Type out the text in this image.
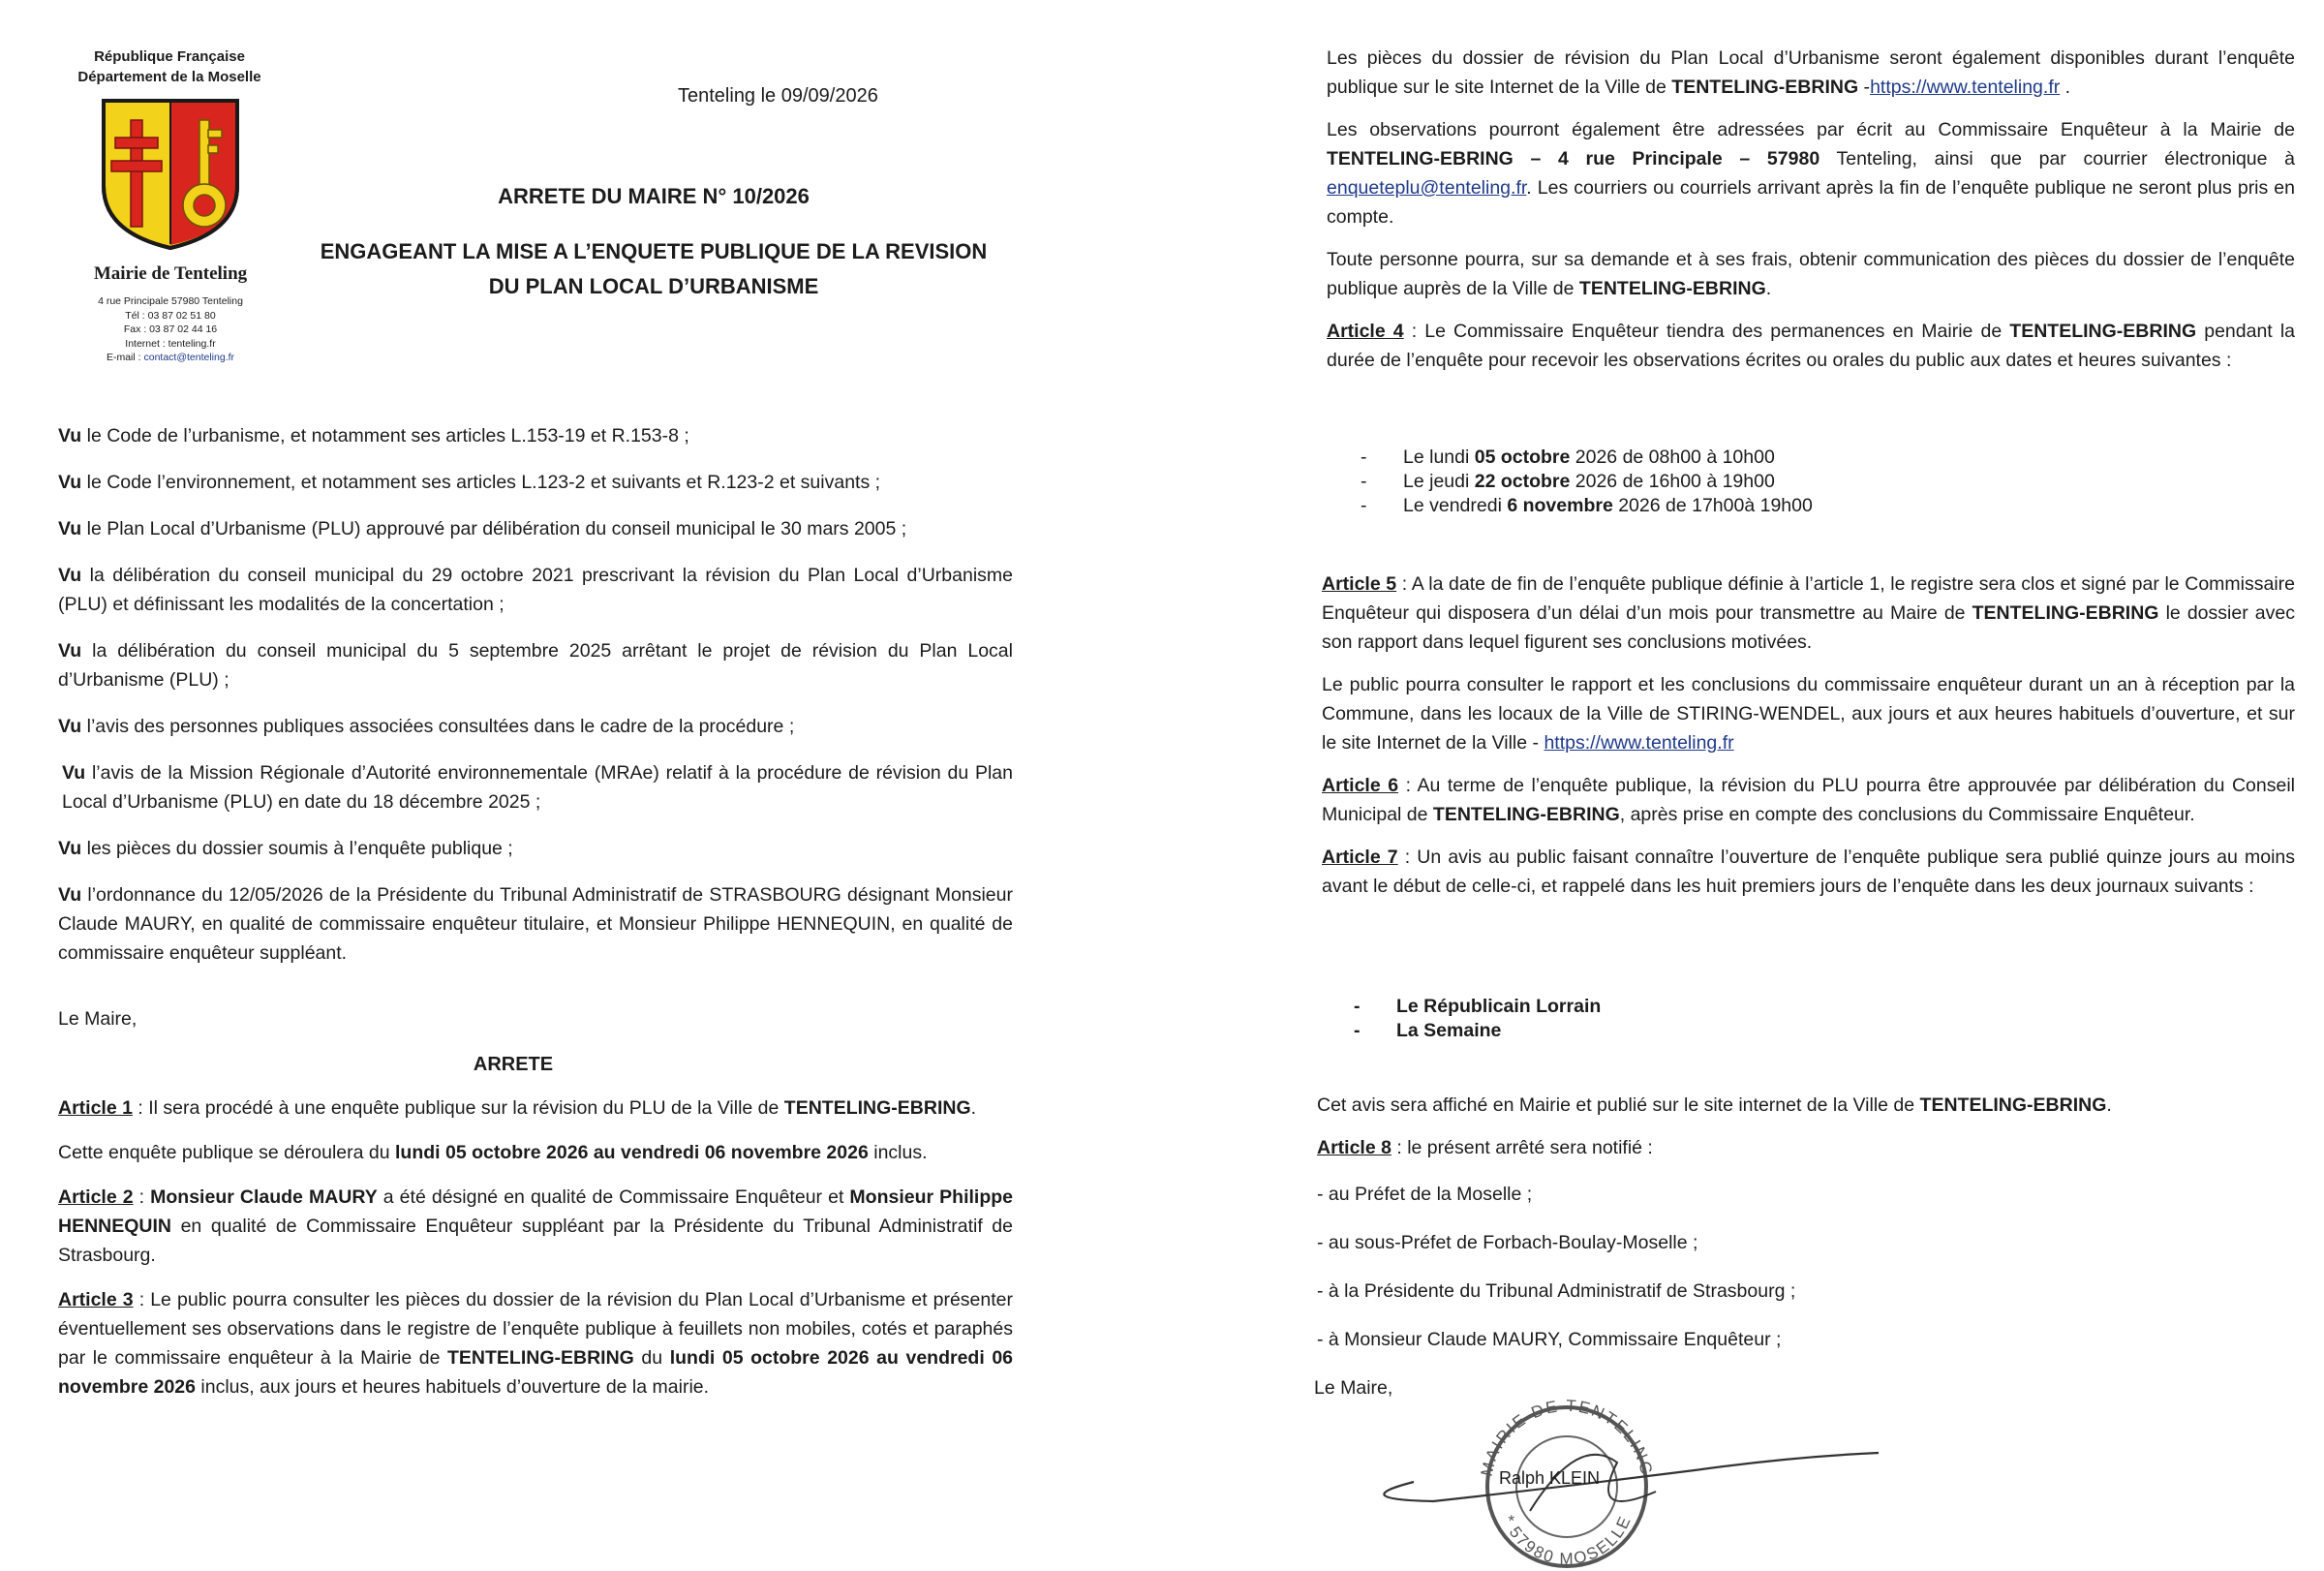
République Française
Département de la Moselle
Mairie de Tenteling
4 rue Principale 57980 Tenteling
Tél : 03 87 02 51 80
Fax : 03 87 02 44 16
Internet : tenteling.fr
E-mail : contact@tenteling.fr
Tenteling le 09/09/2026
ARRETE DU MAIRE N° 10/2026
ENGAGEANT LA MISE A L’ENQUETE PUBLIQUE DE LA REVISION
DU PLAN LOCAL D’URBANISME

Vu le Code de l’urbanisme, et notamment ses articles L.153-19 et R.153-8 ;

Vu le Code l’environnement, et notamment ses articles L.123-2 et suivants et R.123-2 et suivants ;

Vu le Plan Local d’Urbanisme (PLU) approuvé par délibération du conseil municipal le 30 mars 2005 ;

Vu la délibération du conseil municipal du 29 octobre 2021 prescrivant la révision du Plan Local d’Urbanisme (PLU) et définissant les modalités de la concertation ;

Vu la délibération du conseil municipal du 5 septembre 2025 arrêtant le projet de révision du Plan Local d’Urbanisme (PLU) ;

Vu l’avis des personnes publiques associées consultées dans le cadre de la procédure ;

Vu l’avis de la Mission Régionale d’Autorité environnementale (MRAe) relatif à la procédure de révision du Plan Local d’Urbanisme (PLU) en date du 18 décembre 2025 ;

Vu les pièces du dossier soumis à l’enquête publique ;

Vu l’ordonnance du 12/05/2026 de la Présidente du Tribunal Administratif de STRASBOURG désignant Monsieur Claude MAURY, en qualité de commissaire enquêteur titulaire, et Monsieur Philippe HENNEQUIN, en qualité de commissaire enquêteur suppléant.

Le Maire,
ARRETE

Article 1 : Il sera procédé à une enquête publique sur la révision du PLU de la Ville de TENTELING-EBRING.

Cette enquête publique se déroulera du lundi 05 octobre 2026 au vendredi 06 novembre 2026 inclus.

Article 2 : Monsieur Claude MAURY a été désigné en qualité de Commissaire Enquêteur et Monsieur Philippe HENNEQUIN en qualité de Commissaire Enquêteur suppléant par la Présidente du Tribunal Administratif de Strasbourg.

Article 3 : Le public pourra consulter les pièces du dossier de la révision du Plan Local d’Urbanisme et présenter éventuellement ses observations dans le registre de l’enquête publique à feuillets non mobiles, cotés et paraphés par le commissaire enquêteur à la Mairie de TENTELING-EBRING du lundi 05 octobre 2026 au vendredi 06 novembre 2026 inclus, aux jours et heures habituels d’ouverture de la mairie.

Les pièces du dossier de révision du Plan Local d’Urbanisme seront également disponibles durant l’enquête publique sur le site Internet de la Ville de TENTELING-EBRING -https://www.tenteling.fr .

Les observations pourront également être adressées par écrit au Commissaire Enquêteur à la Mairie de TENTELING-EBRING – 4 rue Principale – 57980 Tenteling, ainsi que par courrier électronique à enqueteplu@tenteling.fr. Les courriers ou courriels arrivant après la fin de l’enquête publique ne seront plus pris en compte.

Toute personne pourra, sur sa demande et à ses frais, obtenir communication des pièces du dossier de l’enquête publique auprès de la Ville de TENTELING-EBRING.

Article 4 : Le Commissaire Enquêteur tiendra des permanences en Mairie de TENTELING-EBRING pendant la durée de l’enquête pour recevoir les observations écrites ou orales du public aux dates et heures suivantes :

- Le lundi 05 octobre 2026 de 08h00 à 10h00
- Le jeudi 22 octobre 2026 de 16h00 à 19h00
- Le vendredi 6 novembre 2026 de 17h00à 19h00

Article 5 : A la date de fin de l’enquête publique définie à l’article 1, le registre sera clos et signé par le Commissaire Enquêteur qui disposera d’un délai d’un mois pour transmettre au Maire de TENTELING-EBRING le dossier avec son rapport dans lequel figurent ses conclusions motivées.

Le public pourra consulter le rapport et les conclusions du commissaire enquêteur durant un an à réception par la Commune, dans les locaux de la Ville de STIRING-WENDEL, aux jours et aux heures habituels d’ouverture, et sur le site Internet de la Ville - https://www.tenteling.fr

Article 6 : Au terme de l’enquête publique, la révision du PLU pourra être approuvée par délibération du Conseil Municipal de TENTELING-EBRING, après prise en compte des conclusions du Commissaire Enquêteur.

Article 7 : Un avis au public faisant connaître l’ouverture de l’enquête publique sera publié quinze jours au moins avant le début de celle-ci, et rappelé dans les huit premiers jours de l’enquête dans les deux journaux suivants :

- Le Républicain Lorrain
- La Semaine

Cet avis sera affiché en Mairie et publié sur le site internet de la Ville de TENTELING-EBRING.

Article 8 : le présent arrêté sera notifié :

- au Préfet de la Moselle ;

- au sous-Préfet de Forbach-Boulay-Moselle ;

- à la Présidente du Tribunal Administratif de Strasbourg ;

- à Monsieur Claude MAURY, Commissaire Enquêteur ;

Le Maire,
MAIRIE DE TENTELING
* 57980 MOSELLE
Ralph KLEIN
